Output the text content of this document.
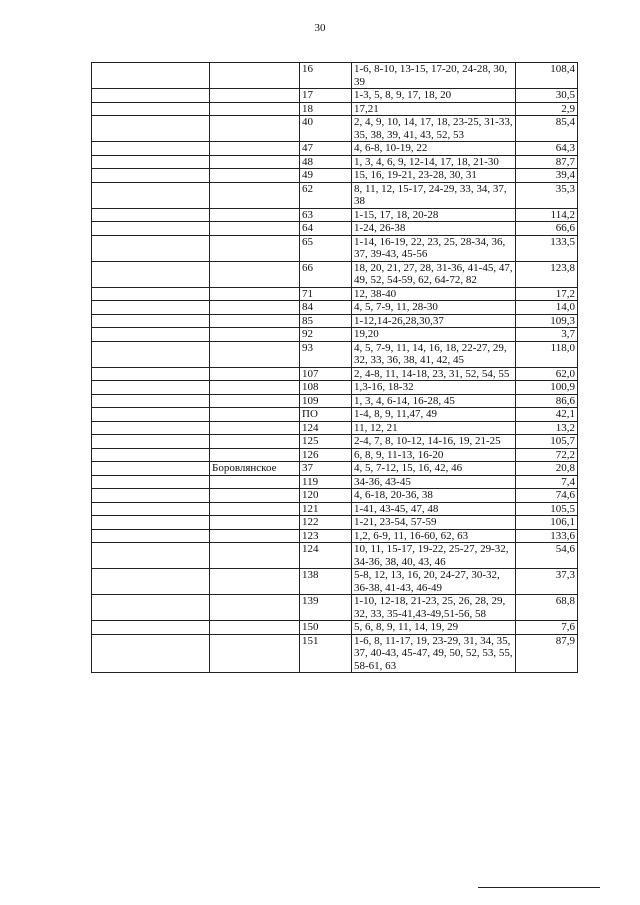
30
		16	1-6, 8-10, 13-15, 17-20, 24-28, 30, 39	108,4
		17	1-3, 5, 8, 9, 17, 18, 20	30,5
		18	17,21	2,9
		40	2, 4, 9, 10, 14, 17, 18, 23-25, 31-33, 35, 38, 39, 41, 43, 52, 53	85,4
		47	4, 6-8, 10-19, 22	64,3
		48	1, 3, 4, 6, 9, 12-14, 17, 18, 21-30	87,7
		49	15, 16, 19-21, 23-28, 30, 31	39,4
		62	8, 11, 12, 15-17, 24-29, 33, 34, 37, 38	35,3
		63	1-15, 17, 18, 20-28	114,2
		64	1-24, 26-38	66,6
		65	1-14, 16-19, 22, 23, 25, 28-34, 36, 37, 39-43, 45-56	133,5
		66	18, 20, 21, 27, 28, 31-36, 41-45, 47, 49, 52, 54-59, 62, 64-72, 82	123,8
		71	12, 38-40	17,2
		84	4, 5, 7-9, 11, 28-30	14,0
		85	1-12,14-26,28,30,37	109,3
		92	19,20	3,7
		93	4, 5, 7-9, 11, 14, 16, 18, 22-27, 29, 32, 33, 36, 38, 41, 42, 45	118,0
		107	2, 4-8, 11, 14-18, 23, 31, 52, 54, 55	62,0
		108	1,3-16, 18-32	100,9
		109	1, 3, 4, 6-14, 16-28, 45	86,6
		ПО	1-4, 8, 9, 11,47, 49	42,1
		124	11, 12, 21	13,2
		125	2-4, 7, 8, 10-12, 14-16, 19, 21-25	105,7
		126	6, 8, 9, 11-13, 16-20	72,2
	Боровлянское	37	4, 5, 7-12, 15, 16, 42, 46	20,8
		119	34-36, 43-45	7,4
		120	4, 6-18, 20-36, 38	74,6
		121	1-41, 43-45, 47, 48	105,5
		122	1-21, 23-54, 57-59	106,1
		123	1,2, 6-9, 11, 16-60, 62, 63	133,6
		124	10, 11, 15-17, 19-22, 25-27, 29-32, 34-36, 38, 40, 43, 46	54,6
		138	5-8, 12, 13, 16, 20, 24-27, 30-32, 36-38, 41-43, 46-49	37,3
		139	1-10, 12-18, 21-23, 25, 26, 28, 29, 32, 33, 35-41,43-49,51-56, 58	68,8
		150	5, 6, 8, 9, 11, 14, 19, 29	7,6
		151	1-6, 8, 11-17, 19, 23-29, 31, 34, 35, 37, 40-43, 45-47, 49, 50, 52, 53, 55, 58-61, 63	87,9
